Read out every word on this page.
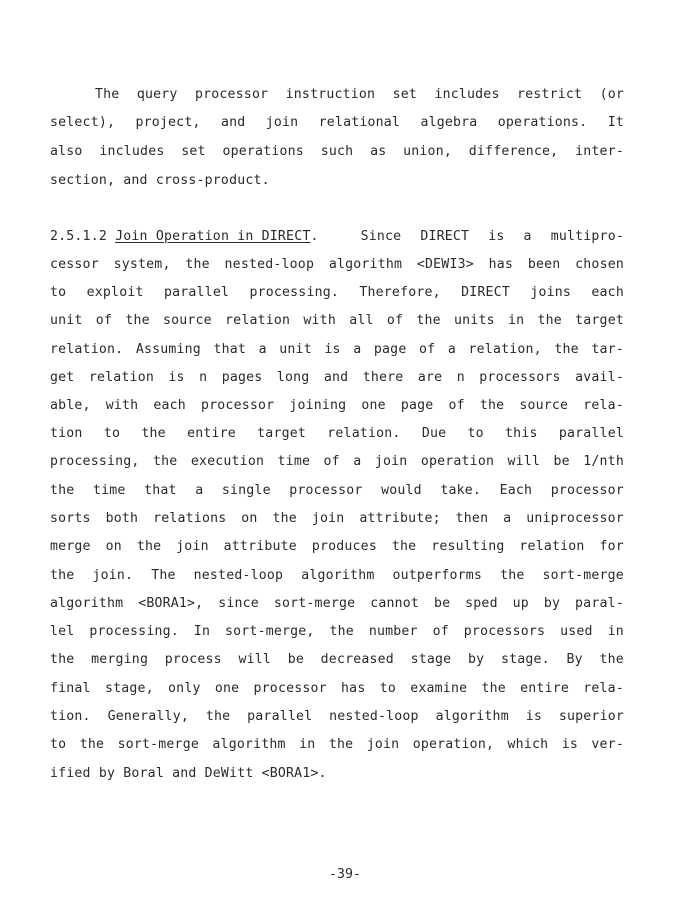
The query processor instruction set includes restrict (or
select), project, and join relational algebra operations. It
also includes set operations such as union, difference, inter-
section, and cross-product.
2.5.1.2
Join Operation in DIRECT .	Since DIRECT is a multipro-
cessor system, the nested-loop algorithm <DEWI3> has been chosen
to exploit parallel processing. Therefore, DIRECT joins each
unit of the source relation with all of the units in the target
relation. Assuming that a unit is a page of a relation, the tar-
get relation is n pages long and there are n processors avail-
able, with each processor joining one page of the source rela-
tion to the entire target relation. Due to this parallel
processing, the execution time of a join operation will be 1/nth
the time that a single processor would take. Each processor
sorts both relations on the join attribute; then a uniprocessor
merge on the join attribute produces the resulting relation for
the join. The nested-loop algorithm outperforms the sort-merge
algorithm <BORA1>, since sort-merge cannot be sped up by paral-
lel processing. In sort-merge, the number of processors used in
the merging process will be decreased stage by stage. By the
final stage, only one processor has to examine the entire rela-
tion. Generally, the parallel nested-loop algorithm is superior
to the sort-merge algorithm in the join operation, which is ver-
ified by Boral and DeWitt <BORA1>.
-39-
